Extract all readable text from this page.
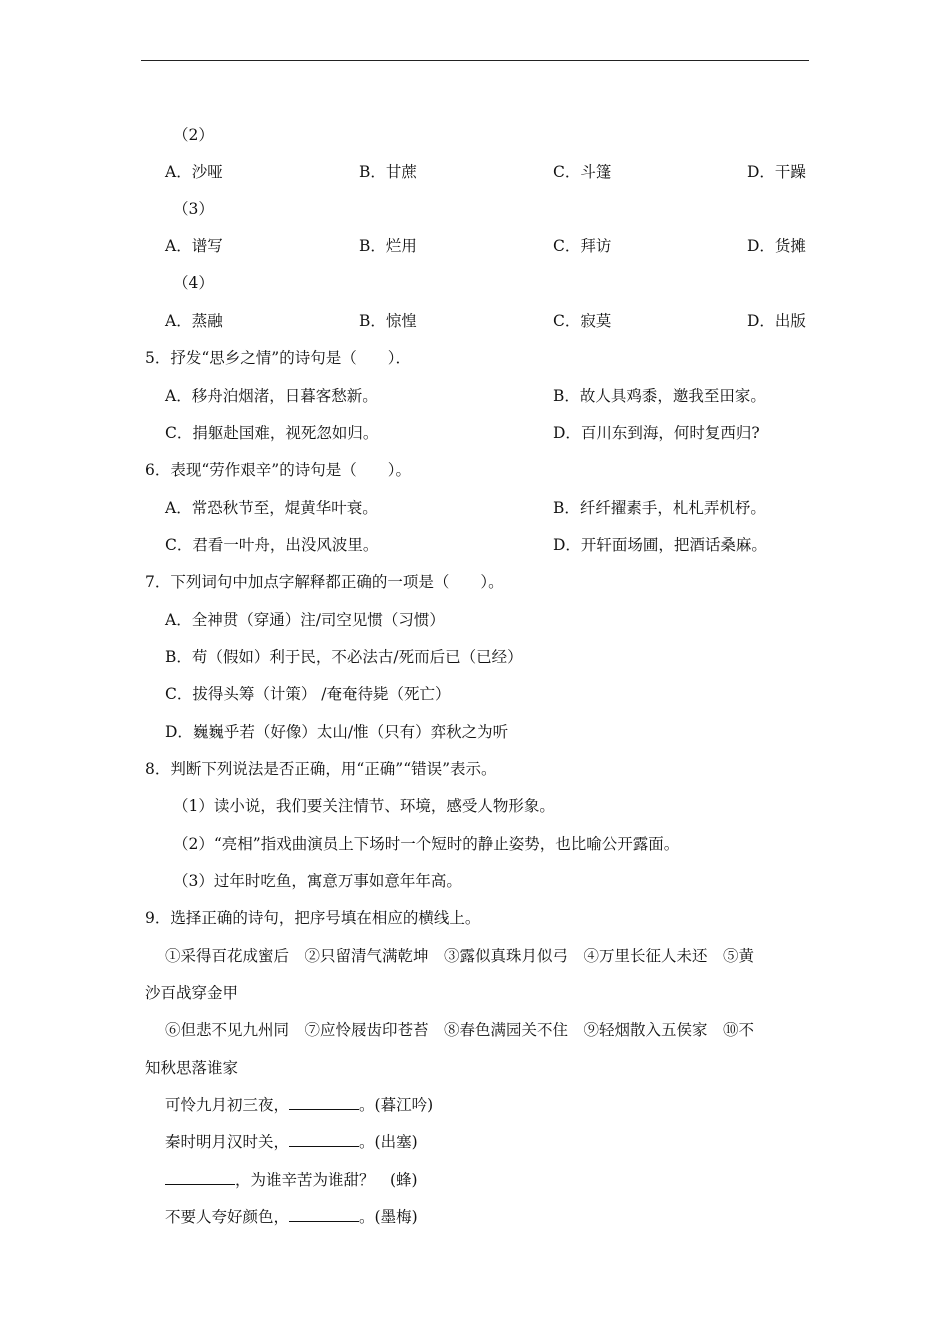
（2）
A．沙哑	B．甘蔗	C．斗篷	D．干躁
（3）
A．谱写	B．烂用	C．拜访	D．货摊
（4）
A．蒸融	B．惊惶	C．寂莫	D．出版
5．抒发“思乡之情”的诗句是（　　）．
A．移舟泊烟渚，日暮客愁新。	B．故人具鸡黍，邀我至田家。
C．捐躯赴国难，视死忽如归。	D．百川东到海，何时复西归?
6．表现“劳作艰辛”的诗句是（　　）。
A．常恐秋节至，焜黄华叶衰。	B．纤纤擢素手，札札弄机杼。
C．君看一叶舟，出没风波里。	D．开轩面场圃，把酒话桑麻。
7．下列词句中加点字解释都正确的一项是（　　）。
A．全神贯（穿通）注/司空见惯（习惯）
B．苟（假如）利于民，不必法古/死而后已（已经）
C．拔得头筹（计策） /奄奄待毙（死亡）
D．巍巍乎若（好像）太山/惟（只有）弈秋之为听
8．判断下列说法是否正确，用“正确”“错误”表示。
（1）读小说，我们要关注情节、环境，感受人物形象。
（2）“亮相”指戏曲演员上下场时一个短时的静止姿势，也比喻公开露面。
（3）过年时吃鱼，寓意万事如意年年高。
9．选择正确的诗句，把序号填在相应的横线上。
①采得百花成蜜后　②只留清气满乾坤　③露似真珠月似弓　④万里长征人未还　⑤黄
沙百战穿金甲
⑥但悲不见九州同　⑦应怜屐齿印苍苔　⑧春色满园关不住　⑨轻烟散入五侯家　⑩不
知秋思落谁家
可怜九月初三夜，	。(暮江吟)
秦时明月汉时关，	。(出塞)
，为谁辛苦为谁甜？　(蜂)
不要人夸好颜色，	。(墨梅)
